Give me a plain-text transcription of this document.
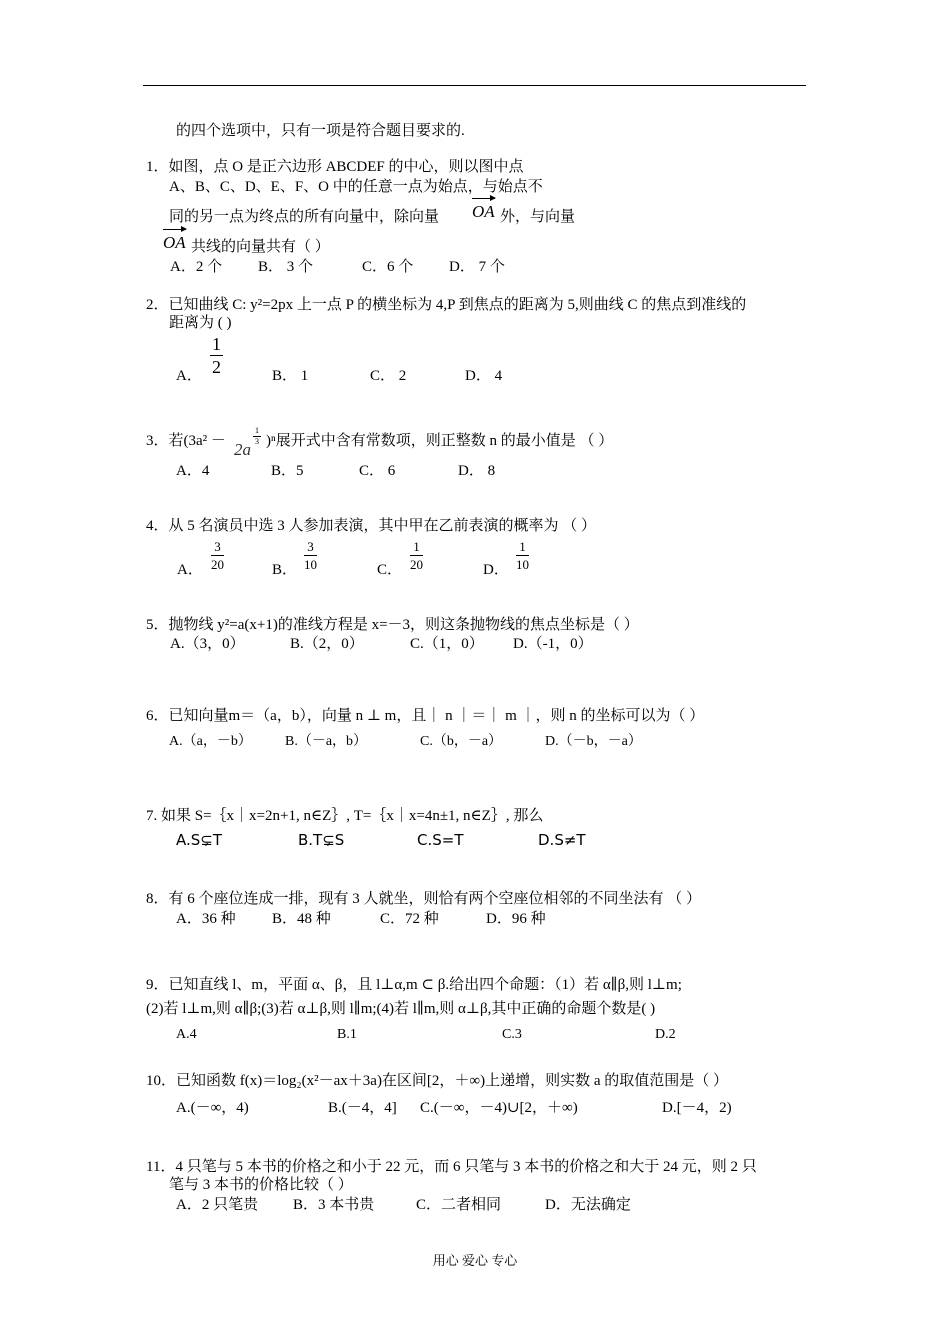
的四个选项中，只有一项是符合题目要求的.
1．如图，点 O 是正六边形 ABCDEF 的中心，则以图中点
A、B、C、D、E、F、O 中的任意一点为始点，与始点不
同的另一点为终点的所有向量中，除向量 OA 外，与向量
OA 共线的向量共有（ ）
A．2 个 B． 3 个	C．6 个 D． 7 个
2．已知曲线 C: y²=2px 上一点 P 的横坐标为 4,P 到焦点的距离为 5,则曲线 C 的焦点到准线的
距离为 ( )
A． $\frac{1}{2}$	B． 1	C． 2	D． 4
3．若(3a² － 2a
$\frac{1}{3} )^n$展开式中含有常数项，则正整数 n 的最小值是 （ ）
A．4	B．5	C． 6	D． 8
4．从 5 名演员中选 3 人参加表演，其中甲在乙前表演的概率为 （ ）
A． $\frac{3}{20}$	B． $\frac{3}{10}$	C． $\frac{1}{20}$	D． $\frac{1}{10}$
5．抛物线 y²=a(x+1)的准线方程是 x=－3，则这条抛物线的焦点坐标是（ ）
A.（3，0）	B.（2，0）	C.（1，0） D.（-1，0）
6．已知向量m＝（a，b），向量 n ⊥ m，且｜ n ｜＝｜ m ｜，则 n 的坐标可以为（ ）
A.（a，－b） B.（－a，b）	C.（b，－a）	D.（－b，－a）
7. 如果 S=｛x｜x=2n+1, n∈Z｝, T=｛x｜x=4n±1, n∈Z｝, 那么
A.S⊊T	B.T⊊S	C.S=T	D.S≠T
8．有 6 个座位连成一排，现有 3 人就坐，则恰有两个空座位相邻的不同坐法有 （ ）
A．36 种 B．48 种	C．72 种	D．96 种
9．已知直线 l、m，平面 α、β，且 l⊥α,m ⊂ β.给出四个命题：（1）若 α∥β,则 l⊥m;
(2)若 l⊥m,则 α∥β;(3)若 α⊥β,则 l∥m;(4)若 l∥m,则 α⊥β,其中正确的命题个数是( )
A.4	B.1	C.3	D.2
10．已知函数 f(x)＝log₂(x²－ax＋3a)在区间[2，＋∞)上递增，则实数 a 的取值范围是（ ）
A.(－∞，4)	B.(－4，4] C.(－∞，－4)∪[2，＋∞)	D.[－4，2)
11．4 只笔与 5 本书的价格之和小于 22 元，而 6 只笔与 3 本书的价格之和大于 24 元，则 2 只
笔与 3 本书的价格比较（ ）
A．2 只笔贵 B．3 本书贵	C．二者相同	D．无法确定
用心 爱心 专心
